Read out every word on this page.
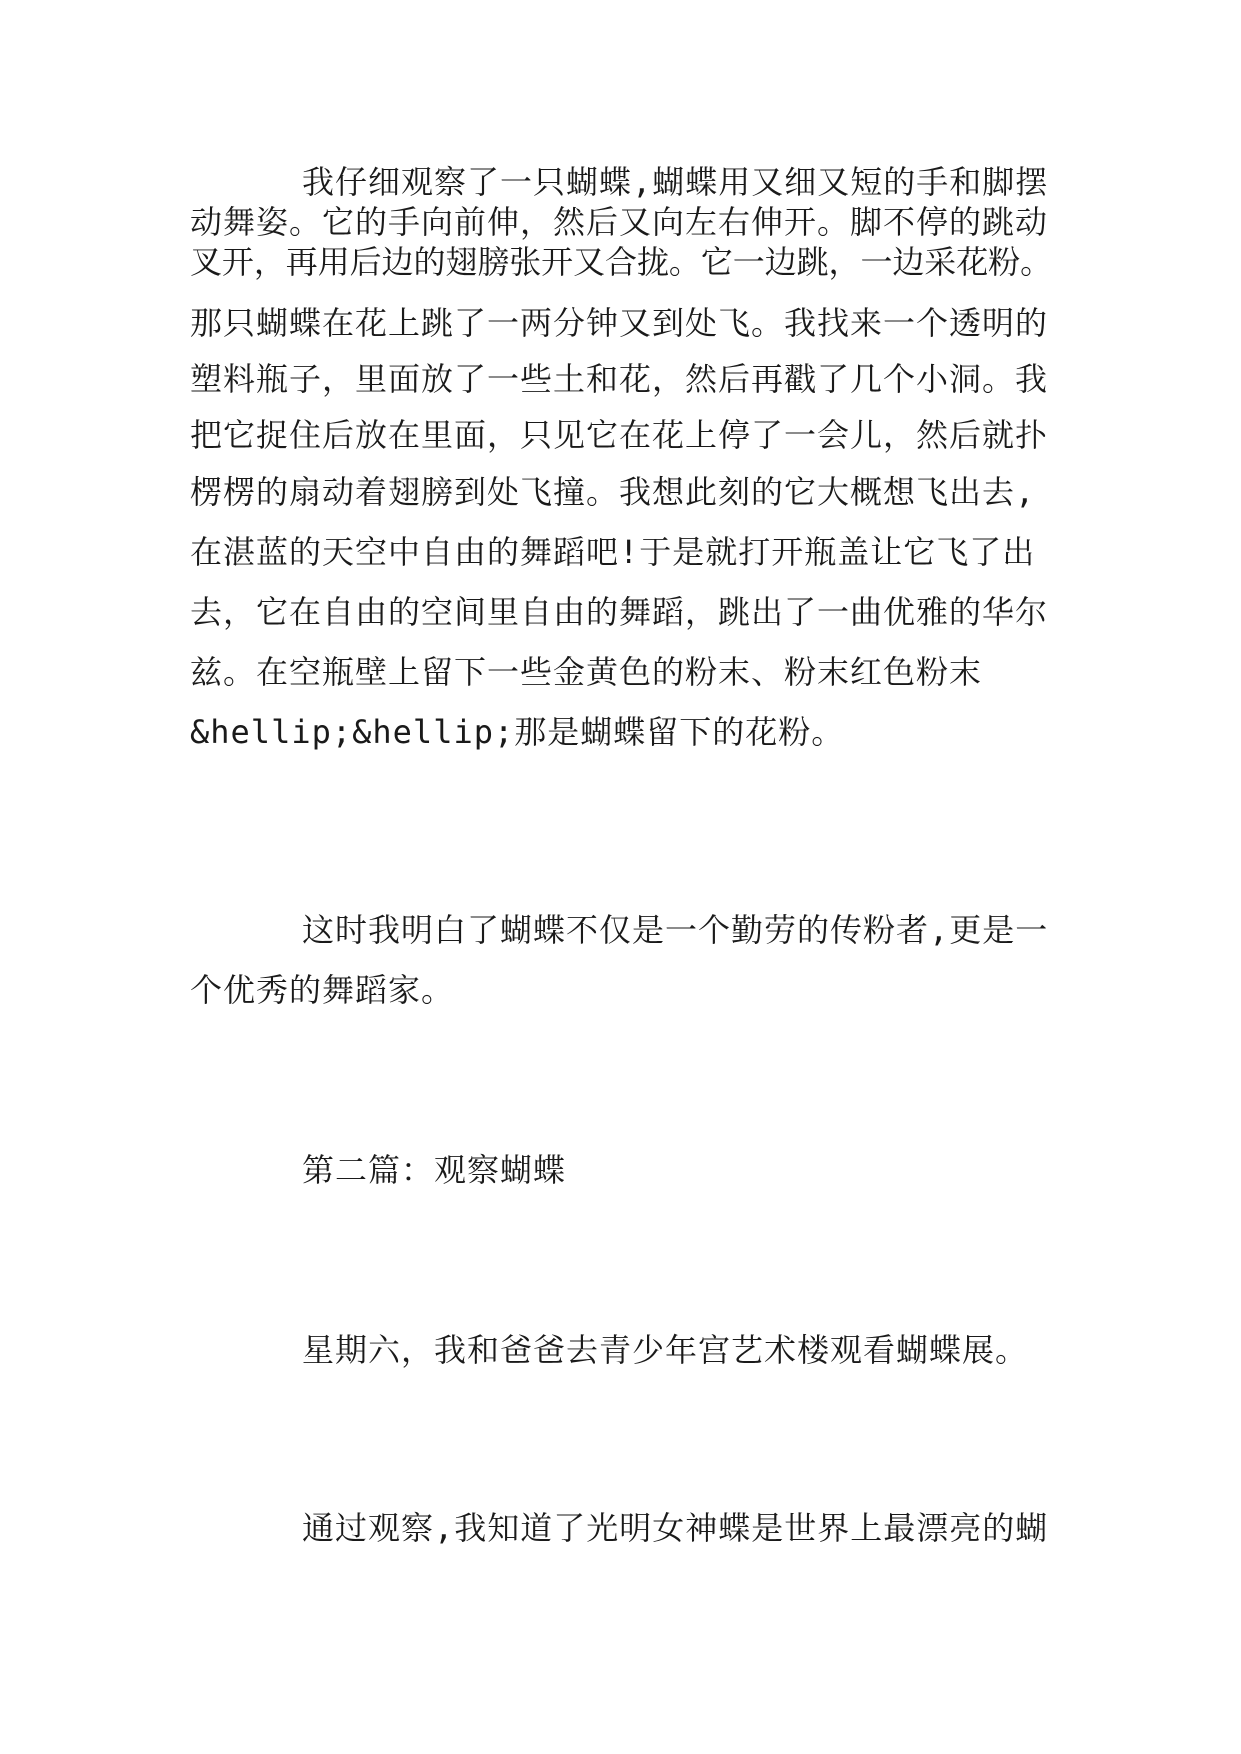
我仔细观察了一只蝴蝶,蝴蝶用又细又短的手和脚摆
动舞姿。它的手向前伸，然后又向左右伸开。脚不停的跳动
叉开，再用后边的翅膀张开又合拢。它一边跳，一边采花粉。
那只蝴蝶在花上跳了一两分钟又到处飞。我找来一个透明的
塑料瓶子，里面放了一些土和花，然后再戳了几个小洞。我
把它捉住后放在里面，只见它在花上停了一会儿，然后就扑
楞楞的扇动着翅膀到处飞撞。我想此刻的它大概想飞出去,
在湛蓝的天空中自由的舞蹈吧!于是就打开瓶盖让它飞了出
去，它在自由的空间里自由的舞蹈，跳出了一曲优雅的华尔
兹。在空瓶壁上留下一些金黄色的粉末、粉末红色粉末
&hellip;&hellip;那是蝴蝶留下的花粉。
这时我明白了蝴蝶不仅是一个勤劳的传粉者,更是一
个优秀的舞蹈家。
第二篇：观察蝴蝶
星期六，我和爸爸去青少年宫艺术楼观看蝴蝶展。
通过观察,我知道了光明女神蝶是世界上最漂亮的蝴
